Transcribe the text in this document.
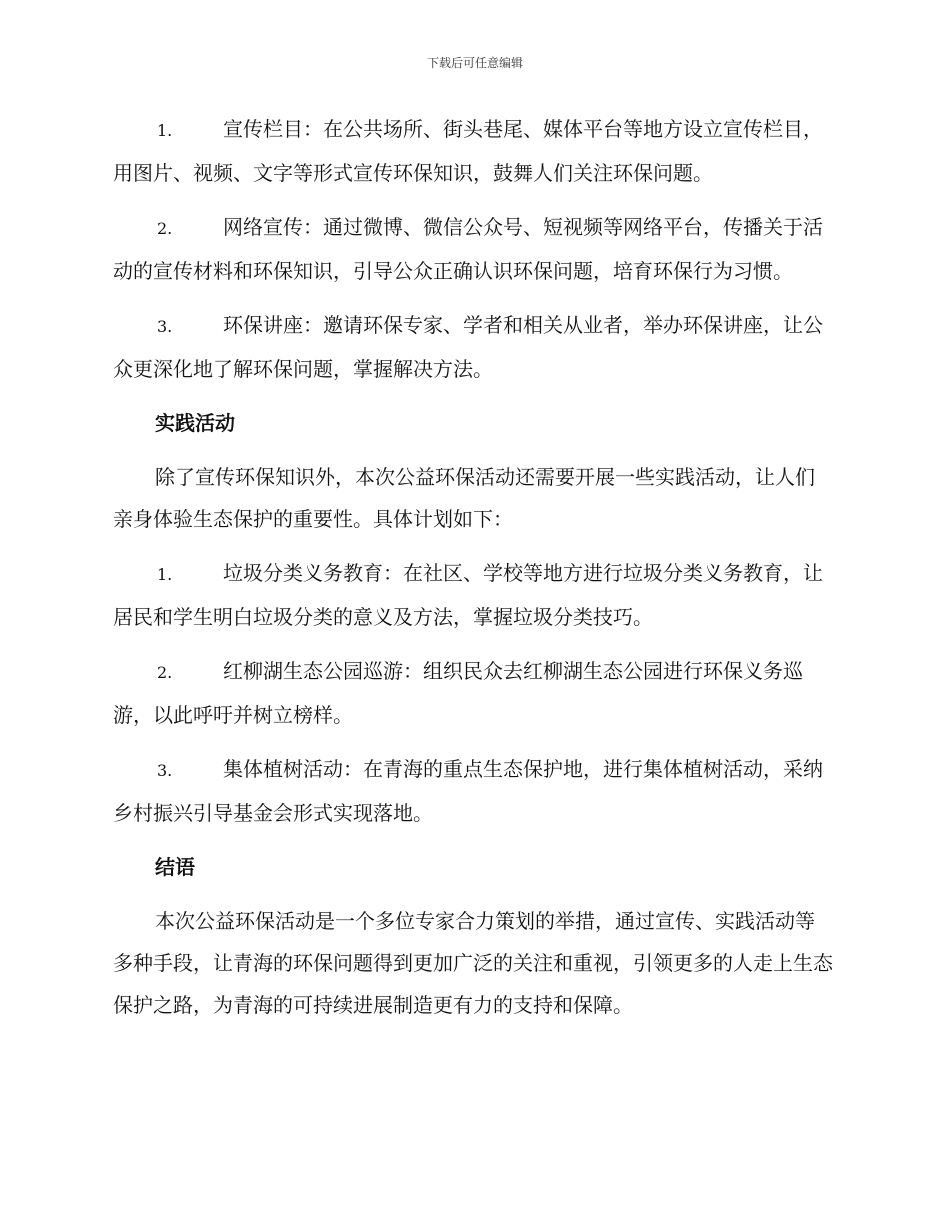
下载后可任意编辑

1.	宣传栏目：在公共场所、街头巷尾、媒体平台等地方设立宣传栏目，用图片、视频、文字等形式宣传环保知识，鼓舞人们关注环保问题。

2.	网络宣传：通过微博、微信公众号、短视频等网络平台，传播关于活动的宣传材料和环保知识，引导公众正确认识环保问题，培育环保行为习惯。

3.	环保讲座：邀请环保专家、学者和相关从业者，举办环保讲座，让公众更深化地了解环保问题，掌握解决方法。

实践活动

除了宣传环保知识外，本次公益环保活动还需要开展一些实践活动，让人们亲身体验生态保护的重要性。具体计划如下：

1.	垃圾分类义务教育：在社区、学校等地方进行垃圾分类义务教育，让居民和学生明白垃圾分类的意义及方法，掌握垃圾分类技巧。

2.	红柳湖生态公园巡游：组织民众去红柳湖生态公园进行环保义务巡游，以此呼吁并树立榜样。

3.	集体植树活动：在青海的重点生态保护地，进行集体植树活动，采纳乡村振兴引导基金会形式实现落地。

结语

本次公益环保活动是一个多位专家合力策划的举措，通过宣传、实践活动等多种手段，让青海的环保问题得到更加广泛的关注和重视，引领更多的人走上生态保护之路，为青海的可持续进展制造更有力的支持和保障。
